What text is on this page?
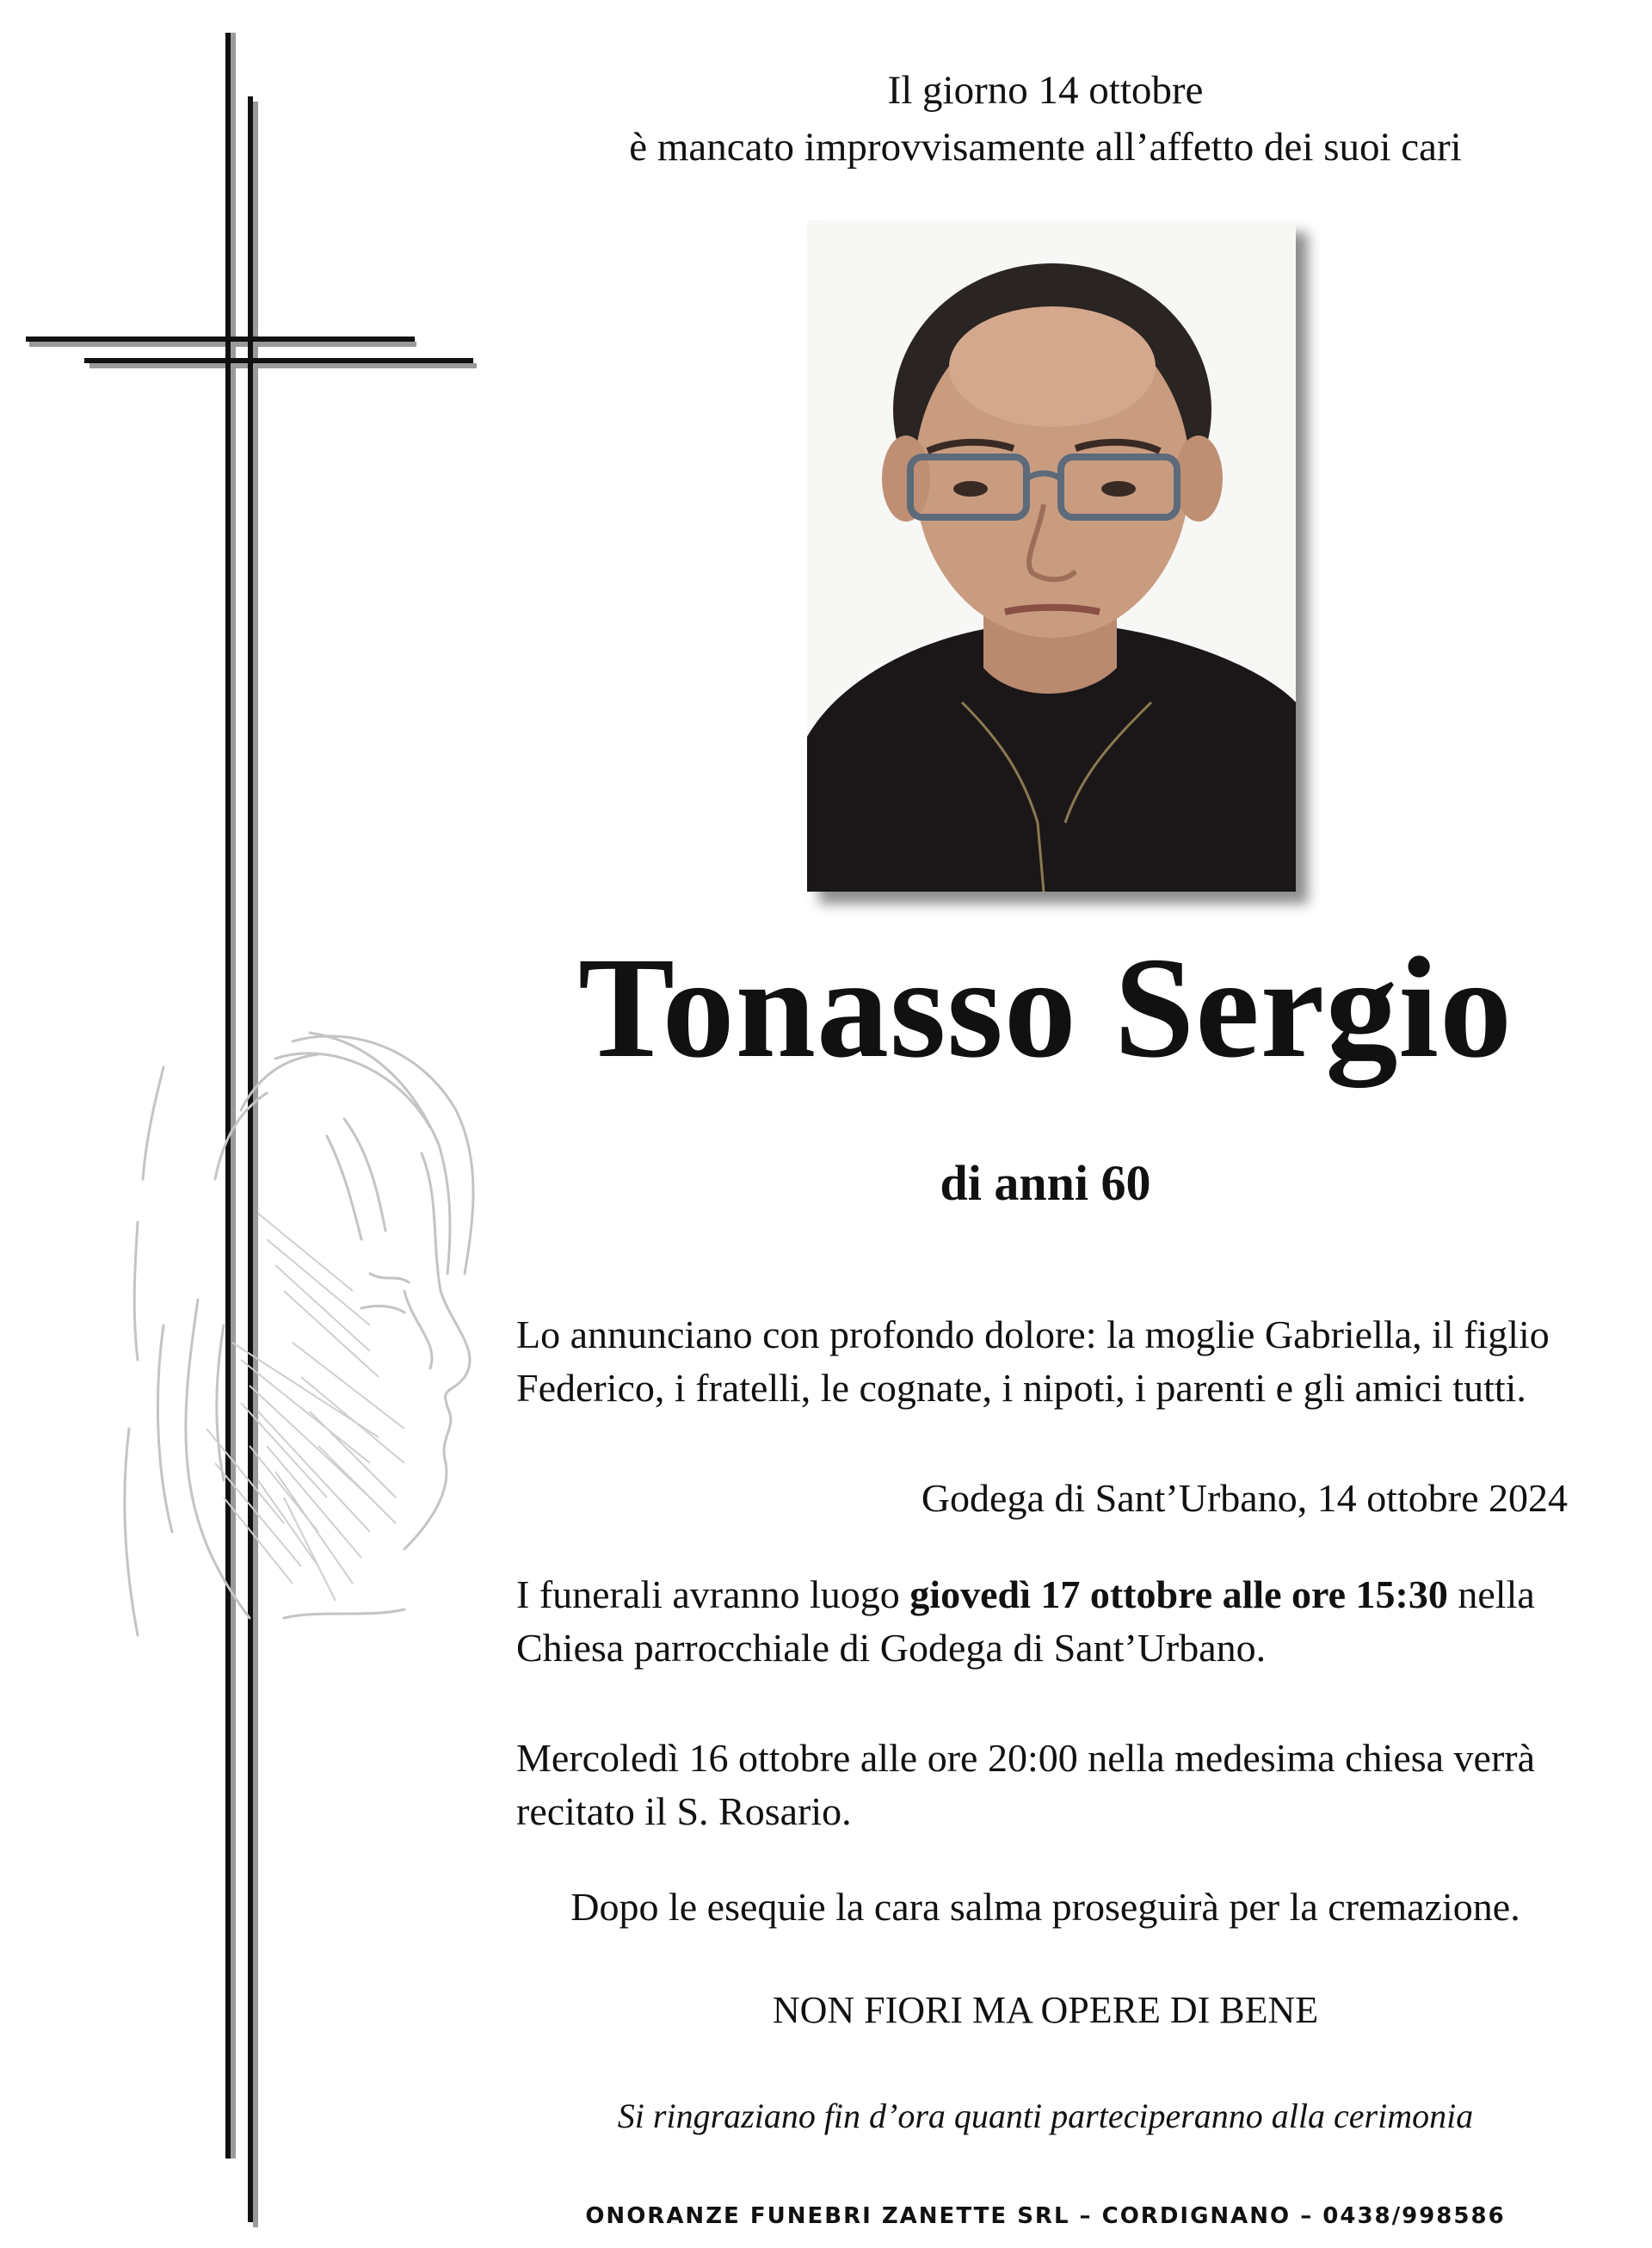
Il giorno 14 ottobre
è mancato improvvisamente all’affetto dei suoi cari
Tonasso Sergio
di anni 60
Lo annunciano con profondo dolore: la moglie Gabriella, il figlio Federico, i fratelli, le cognate, i nipoti, i parenti e gli amici tutti.
Godega di Sant’Urbano, 14 ottobre 2024
I funerali avranno luogo giovedì 17 ottobre alle ore 15:30 nella Chiesa parrocchiale di Godega di Sant’Urbano.
Mercoledì 16 ottobre alle ore 20:00 nella medesima chiesa verrà recitato il S. Rosario.
Dopo le esequie la cara salma proseguirà per la cremazione.
NON FIORI MA OPERE DI BENE
Si ringraziano fin d’ora quanti parteciperanno alla cerimonia
ONORANZE FUNEBRI ZANETTE SRL – CORDIGNANO – 0438/998586
